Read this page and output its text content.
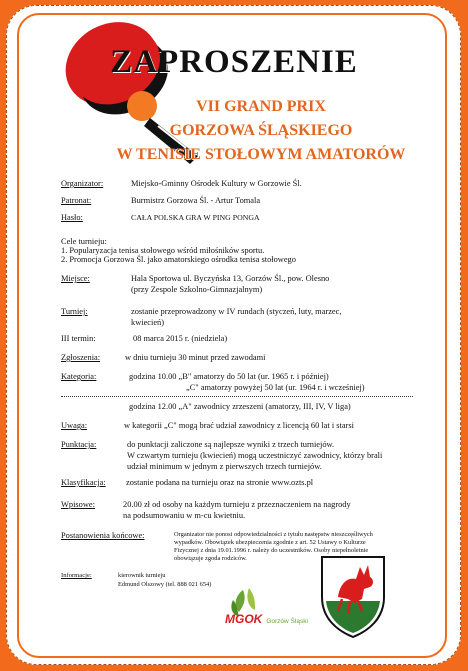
ZAPROSZENIE
VII GRAND PRIX
GORZOWA ŚLĄSKIEGO
W TENISIE STOŁOWYM AMATORÓW
Organizator:	Miejsko-Gminny Ośrodek Kultury w Gorzowie Śl.
Patronat:	Burmistrz Gorzowa Śl. - Artur Tomala
Hasło:	CAŁA POLSKA GRA W PING PONGA
Cele turnieju:
1. Popularyzacja tenisa stołowego wśród miłośników sportu.
2. Promocja Gorzowa Śl. jako amatorskiego ośrodka tenisa stołowego
Miejsce:	Hala Sportowa ul. Byczyńska 13, Gorzów Śl., pow. Olesno
(przy Zespole Szkolno-Gimnazjalnym)
Turniej:	zostanie przeprowadzony w IV rundach (styczeń, luty, marzec,
kwiecień)
III termin:	08 marca 2015 r. (niedziela)
Zgłoszenia:	w dniu turnieju 30 minut przed zawodami
Kategoria:	godzina 10.00 „B" amatorzy do 50 lat (ur. 1965 r. i później)
„C" amatorzy powyżej 50 lat (ur. 1964 r. i wcześniej)
godzina 12.00 „A" zawodnicy zrzeszeni (amatorzy, III, IV, V liga)
Uwaga:	w kategorii „C" mogą brać udział zawodnicy z licencją 60 lat i starsi
Punktacja:	do punktacji zaliczone są najlepsze wyniki z trzech turniejów.
W czwartym turnieju (kwiecień) mogą uczestniczyć zawodnicy, którzy brali
udział minimum w jednym z pierwszych trzech turniejów.
Klasyfikacja: zostanie podana na turnieju oraz na stronie www.ozts.pl
Wpisowe:	20.00 zł od osoby na każdym turnieju z przeznaczeniem na nagrody
na podsumowaniu w m-cu kwietniu.
Postanowienia końcowe:	Organizator nie ponosi odpowiedzialności z tytułu następstw nieszczęśliwych
wypadków. Obowiązek ubezpieczenia zgodnie z art. 52 Ustawy o Kulturze
Fizycznej z dnia 19.01.1996 r. należy do uczestników. Osoby niepełnoletnie
obowiązuje zgoda rodziców.
Informacje:	kierownik turnieju
Edmund Olszowy (tel. 888 021 654)
MGOK Gorzów Śląski
